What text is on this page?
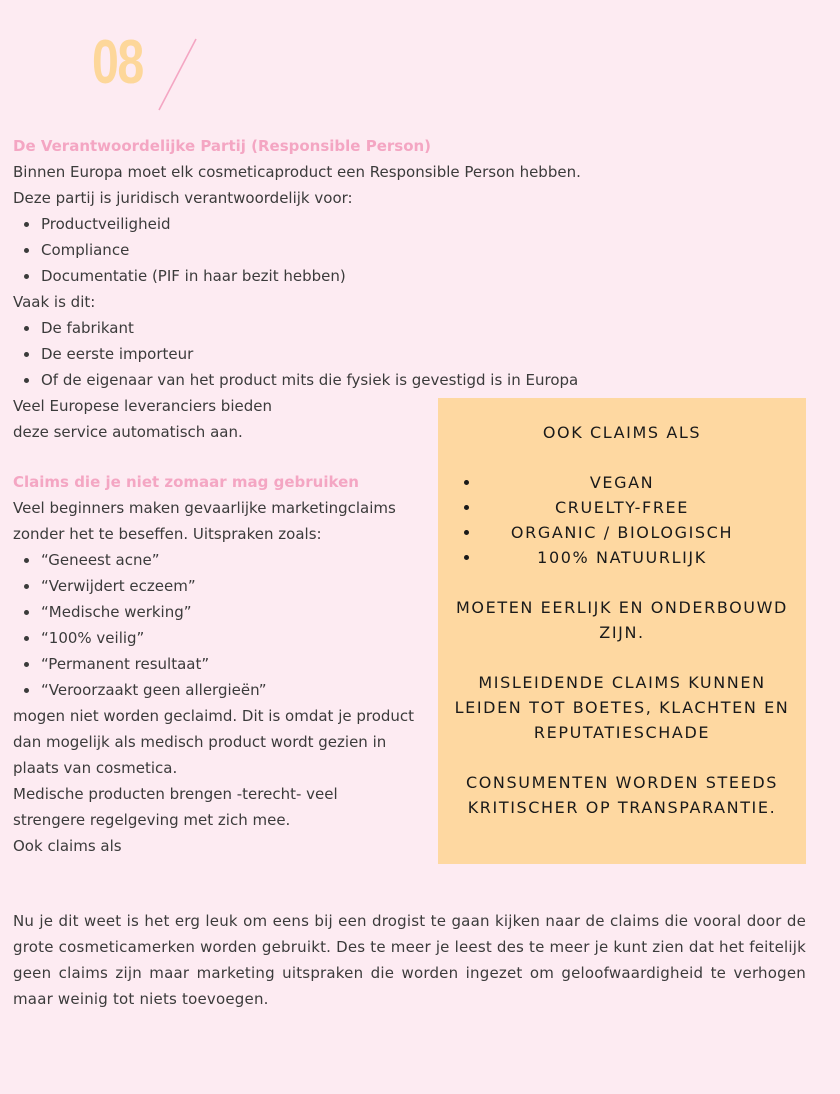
08

De Verantwoordelijke Partij (Responsible Person)

Binnen Europa moet elk cosmeticaproduct een Responsible Person hebben.

Deze partij is juridisch verantwoordelijk voor:

Productveiligheid
Compliance
Documentatie (PIF in haar bezit hebben)

Vaak is dit:

De fabrikant
De eerste importeur
Of de eigenaar van het product mits die fysiek is gevestigd is in Europa

Veel Europese leveranciers bieden

deze service automatisch aan.

Claims die je niet zomaar mag gebruiken

Veel beginners maken gevaarlijke marketingclaims

zonder het te beseffen. Uitspraken zoals:

“Geneest acne”
“Verwijdert eczeem”
“Medische werking”
“100% veilig”
“Permanent resultaat”
“Veroorzaakt geen allergieën”

mogen niet worden geclaimd. Dit is omdat je product

dan mogelijk als medisch product wordt gezien in

plaats van cosmetica.

Medische producten brengen -terecht- veel

strengere regelgeving met zich mee.

Ook claims als

OOK CLAIMS ALS

VEGAN
CRUELTY-FREE
ORGANIC / BIOLOGISCH
100% NATUURLIJK

MOETEN EERLIJK EN ONDERBOUWD ZIJN.

MISLEIDENDE CLAIMS KUNNEN LEIDEN TOT BOETES, KLACHTEN EN REPUTATIESCHADE

CONSUMENTEN WORDEN STEEDS KRITISCHER OP TRANSPARANTIE.

Nu je dit weet is het erg leuk om eens bij een drogist te gaan kijken naar de claims die vooral door de grote cosmeticamerken worden gebruikt. Des te meer je leest des te meer je kunt zien dat het feitelijk geen claims zijn maar marketing uitspraken die worden ingezet om geloofwaardigheid te verhogen maar weinig tot niets toevoegen.
